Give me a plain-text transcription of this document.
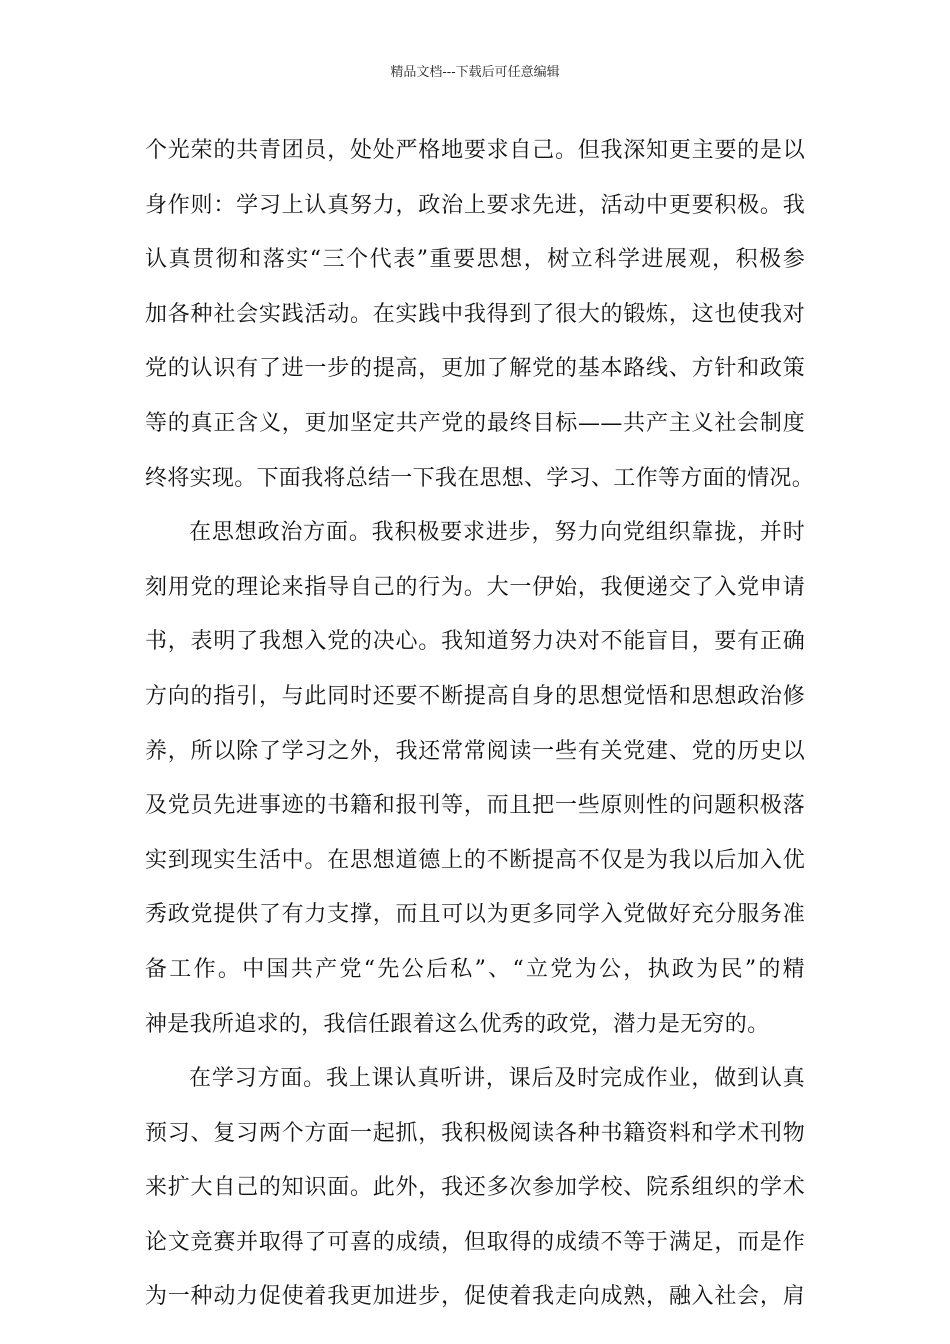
精品文档---下载后可任意编辑
个光荣的共青团员，处处严格地要求自己。但我深知更主要的是以
身作则：学习上认真努力，政治上要求先进，活动中更要积极。我
认真贯彻和落实“三个代表”重要思想，树立科学进展观，积极参
加各种社会实践活动。在实践中我得到了很大的锻炼，这也使我对
党的认识有了进一步的提高，更加了解党的基本路线、方针和政策
等的真正含义，更加坚定共产党的最终目标——共产主义社会制度
终将实现。下面我将总结一下我在思想、学习、工作等方面的情况。
在思想政治方面。我积极要求进步，努力向党组织靠拢，并时
刻用党的理论来指导自己的行为。大一伊始，我便递交了入党申请
书，表明了我想入党的决心。我知道努力决对不能盲目，要有正确
方向的指引，与此同时还要不断提高自身的思想觉悟和思想政治修
养，所以除了学习之外，我还常常阅读一些有关党建、党的历史以
及党员先进事迹的书籍和报刊等，而且把一些原则性的问题积极落
实到现实生活中。在思想道德上的不断提高不仅是为我以后加入优
秀政党提供了有力支撑，而且可以为更多同学入党做好充分服务准
备工作。中国共产党“先公后私”、“立党为公，执政为民”的精
神是我所追求的，我信任跟着这么优秀的政党，潜力是无穷的。
在学习方面。我上课认真听讲，课后及时完成作业，做到认真
预习、复习两个方面一起抓，我积极阅读各种书籍资料和学术刊物
来扩大自己的知识面。此外，我还多次参加学校、院系组织的学术
论文竞赛并取得了可喜的成绩，但取得的成绩不等于满足，而是作
为一种动力促使着我更加进步，促使着我走向成熟，融入社会，肩
